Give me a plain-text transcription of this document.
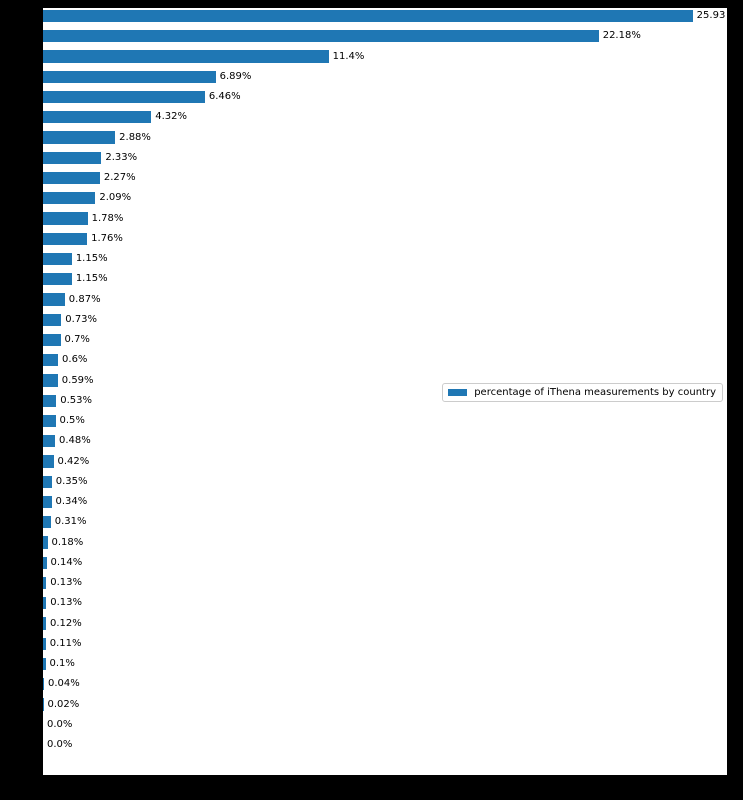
percentage of iThena measurements by country
25.93
22.18%
11.4%
6.89%
6.46%
4.32%
2.88%
2.33%
2.27%
2.09%
1.78%
1.76%
1.15%
1.15%
0.87%
0.73%
0.7%
0.6%
0.59%
0.53%
0.5%
0.48%
0.42%
0.35%
0.34%
0.31%
0.18%
0.14%
0.13%
0.13%
0.12%
0.11%
0.1%
0.04%
0.02%
0.0%
0.0%
